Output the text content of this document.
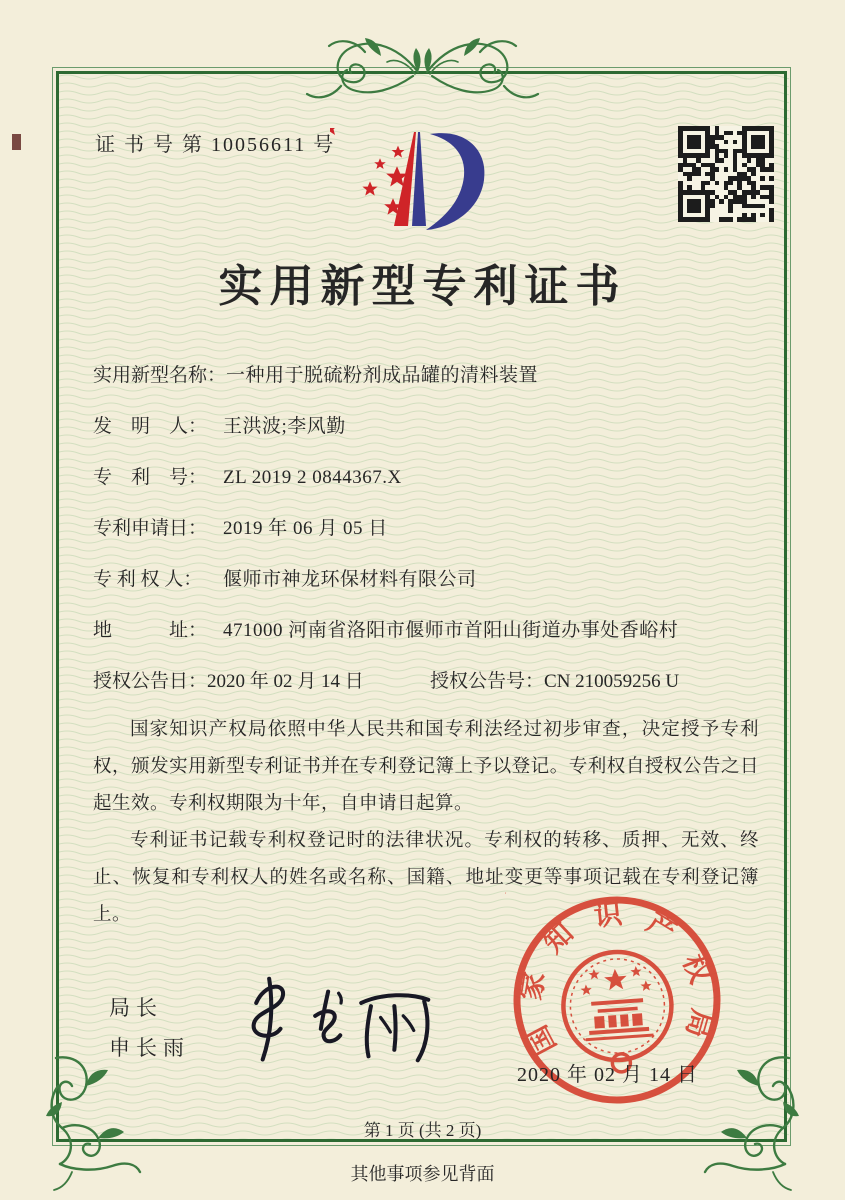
证 书 号 第 10056611 号
实用新型专利证书
实用新型名称： 一种用于脱硫粉剂成品罐的清料装置
发　明　人： 王洪波;李风勤
专　利　号： ZL 2019 2 0844367.X
专利申请日： 2019 年 06 月 05 日
专 利 权 人：	偃师市神龙环保材料有限公司
地　　　址： 471000 河南省洛阳市偃师市首阳山街道办事处香峪村
授权公告日：2020 年 02 月 14 日	授权公告号：CN 210059256 U

国家知识产权局依照中华人民共和国专利法经过初步审查，决定授予专利权，颁发实用新型专利证书并在专利登记簿上予以登记。专利权自授权公告之日起生效。专利权期限为十年，自申请日起算。

专利证书记载专利权登记时的法律状况。专利权的转移、质押、无效、终止、恢复和专利权人的姓名或名称、国籍、地址变更等事项记载在专利登记簿上。

局长
申长雨	国
家
知
识 产
权
局
2020 年 02 月 14 日
第 1 页 (共 2 页)
其他事项参见背面
